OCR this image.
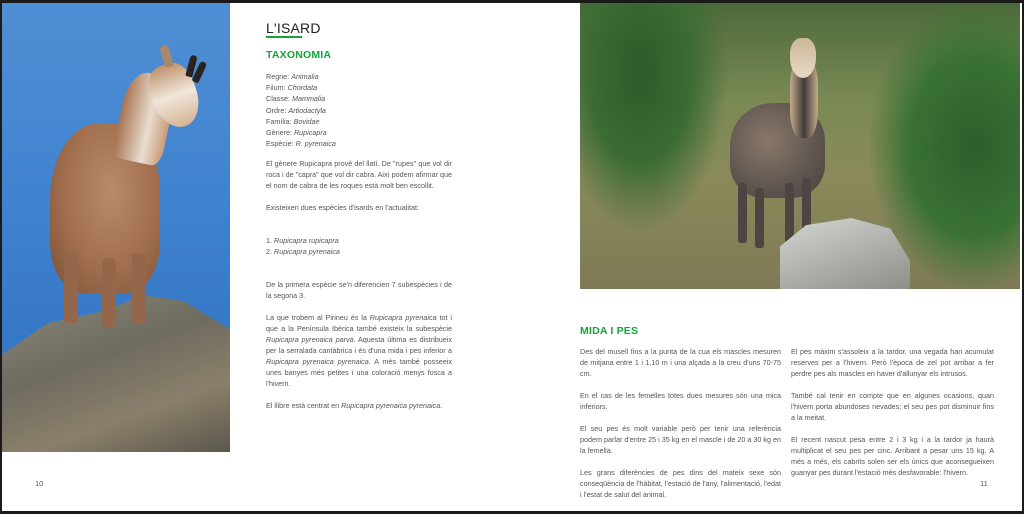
L'ISARD
TAXONOMIA
Regne: Animalia
Filum: Chordata
Classe: Mammalia
Ordre: Artiodactyla
Família: Bovidae
Gènere: Rupicapra
Espècie: R. pyrenaica

El gènere Rupicapra prové del llatí. De "rupes" que vol dir roca i de "capra" que vol dir cabra. Així podem afirmar que el nom de cabra de les roques està molt ben escollit.

Existeixen dues espècies d'isards en l'actualitat:

1. Rupicapra rupicapra

2. Rupicapra pyrenaica

De la primera espècie se'n diferencien 7 subespècies i de la segona 3.

La que trobem al Pirineu és la Rupicapra pyrenaica tot i que a la Península Ibèrica també existeix la subespècie Rupicapra pyrenaica parva. Aquesta última es distribueix per la serralada cantàbrica i és d'una mida i pes inferior a Rupicapra pyrenaica pyrenaica. A més també posseeix unes banyes més petites i una coloració menys fosca a l'hivern.

El llibre està centrat en Rupicapra pyrenaica pyrenaica.

10
MIDA I PES

Des del musell fins a la punta de la cua els mascles mesuren de mitjana entre 1 i 1,10 m i una alçada a la creu d'uns 70-75 cm.

En el cas de les femelles totes dues mesures són una mica inferiors.

El seu pes és molt variable però per tenir una referència podem parlar d'entre 25 i 35 kg en el mascle i de 20 a 30 kg en la femella.

Les grans diferències de pes dins del mateix sexe són conseqüència de l'hàbitat, l'estació de l'any, l'alimentació, l'edat i l'estat de salut del animal.

El pes màxim s'assoleix a la tardor, una vegada han acumulat reserves per a l'hivern. Però l'època de zel pot arribar a fer perdre pes als mascles en haver d'allunyar els intrusos.

També cal tenir en compte que en algunes ocasions, quan l'hivern porta abundoses nevades; el seu pes pot disminuir fins a la meitat.

El recent nascut pesa entre 2 i 3 kg i a la tardor ja haurà multiplicat el seu pes per cinc. Arribant a pesar uns 15 kg. A més a més, els cabrits solen ser els únics que aconsegueixen guanyar pes durant l'estació més desfavorable: l'hivern.

11
